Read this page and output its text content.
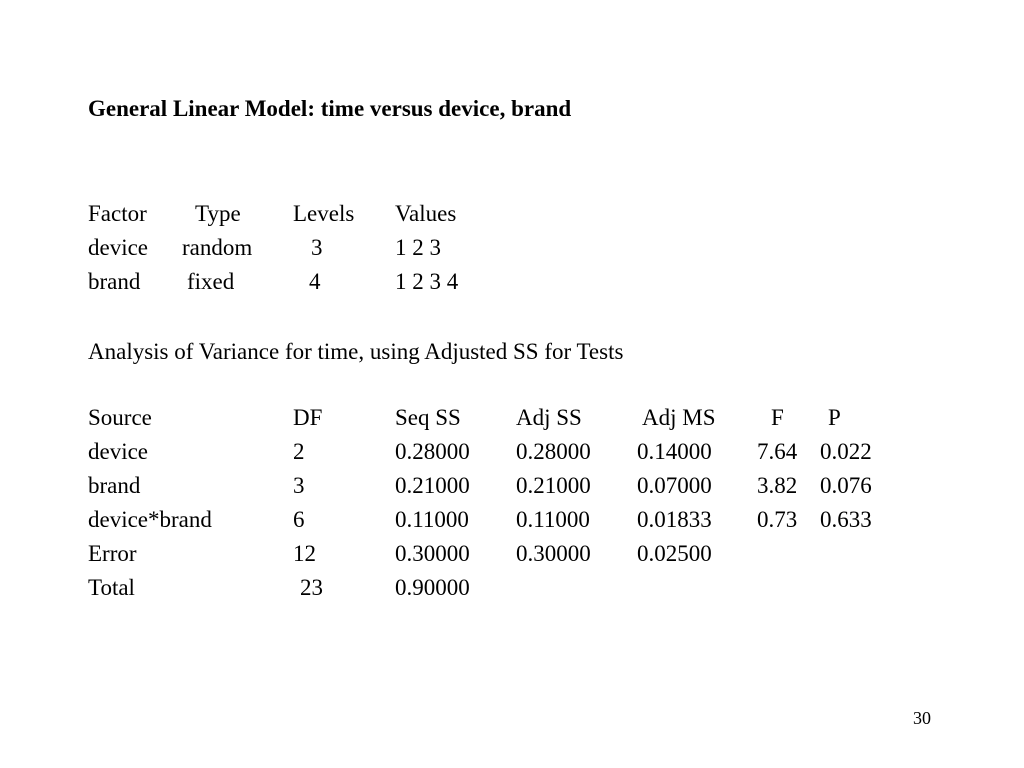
General Linear Model: time versus device, brand
Factor Type Levels Values
device random	3	1 2 3
brand fixed	4	1 2 3 4
Analysis of Variance for time, using Adjusted SS for Tests
Source	DF	Seq SS Adj SS	Adj MS F P
device	2	0.28000 0.28000 0.14000 7.64 0.022
brand	3	0.21000 0.21000 0.07000 3.82 0.076
device*brand	6	0.11000 0.11000 0.01833 0.73 0.633
Error	12	0.30000 0.30000 0.02500
Total	23	0.90000
30
